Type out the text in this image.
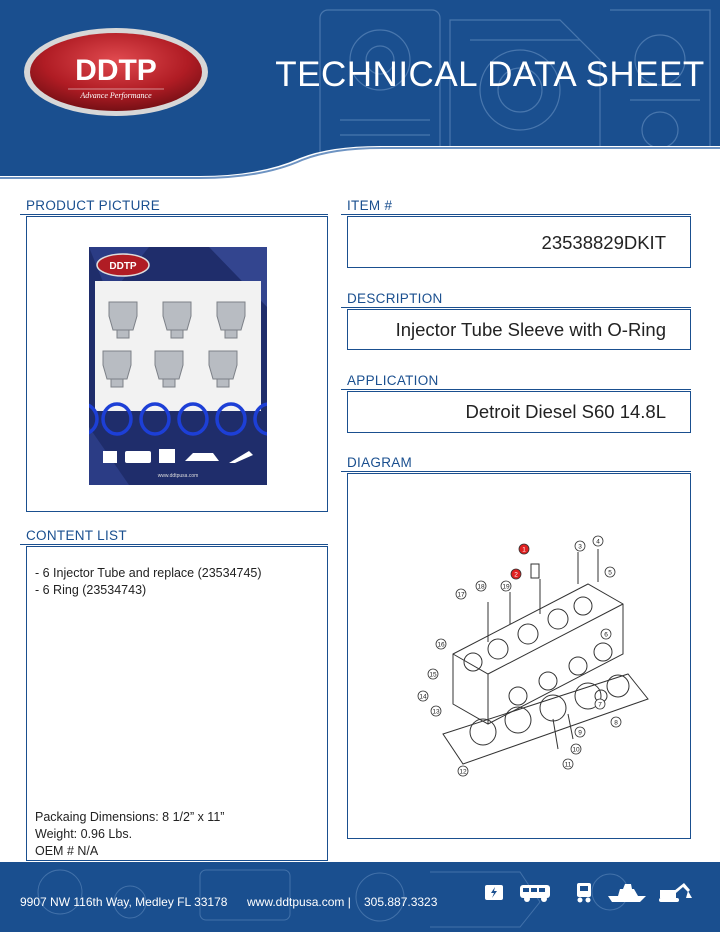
DDTP
Advance Performance
TECHNICAL DATA SHEET
PRODUCT PICTURE
DDTP
www.ddtpusa.com
ITEM #
23538829DKIT
DESCRIPTION
Injector Tube Sleeve with O-Ring
APPLICATION
Detroit Diesel S60 14.8L
DIAGRAM
1
2
3
4
5
6
7
8
9
10
11
12
13
14
15
16
17
18	19
CONTENT LIST
- 6 Injector Tube and replace (23534745)
- 6 Ring (23534743)
Packaing Dimensions: 8 1/2” x 11”
Weight: 0.96 Lbs.
OEM # N/A
9907 NW 116th Way, Medley FL 33178 www.ddtpusa.com | 305.887.3323
